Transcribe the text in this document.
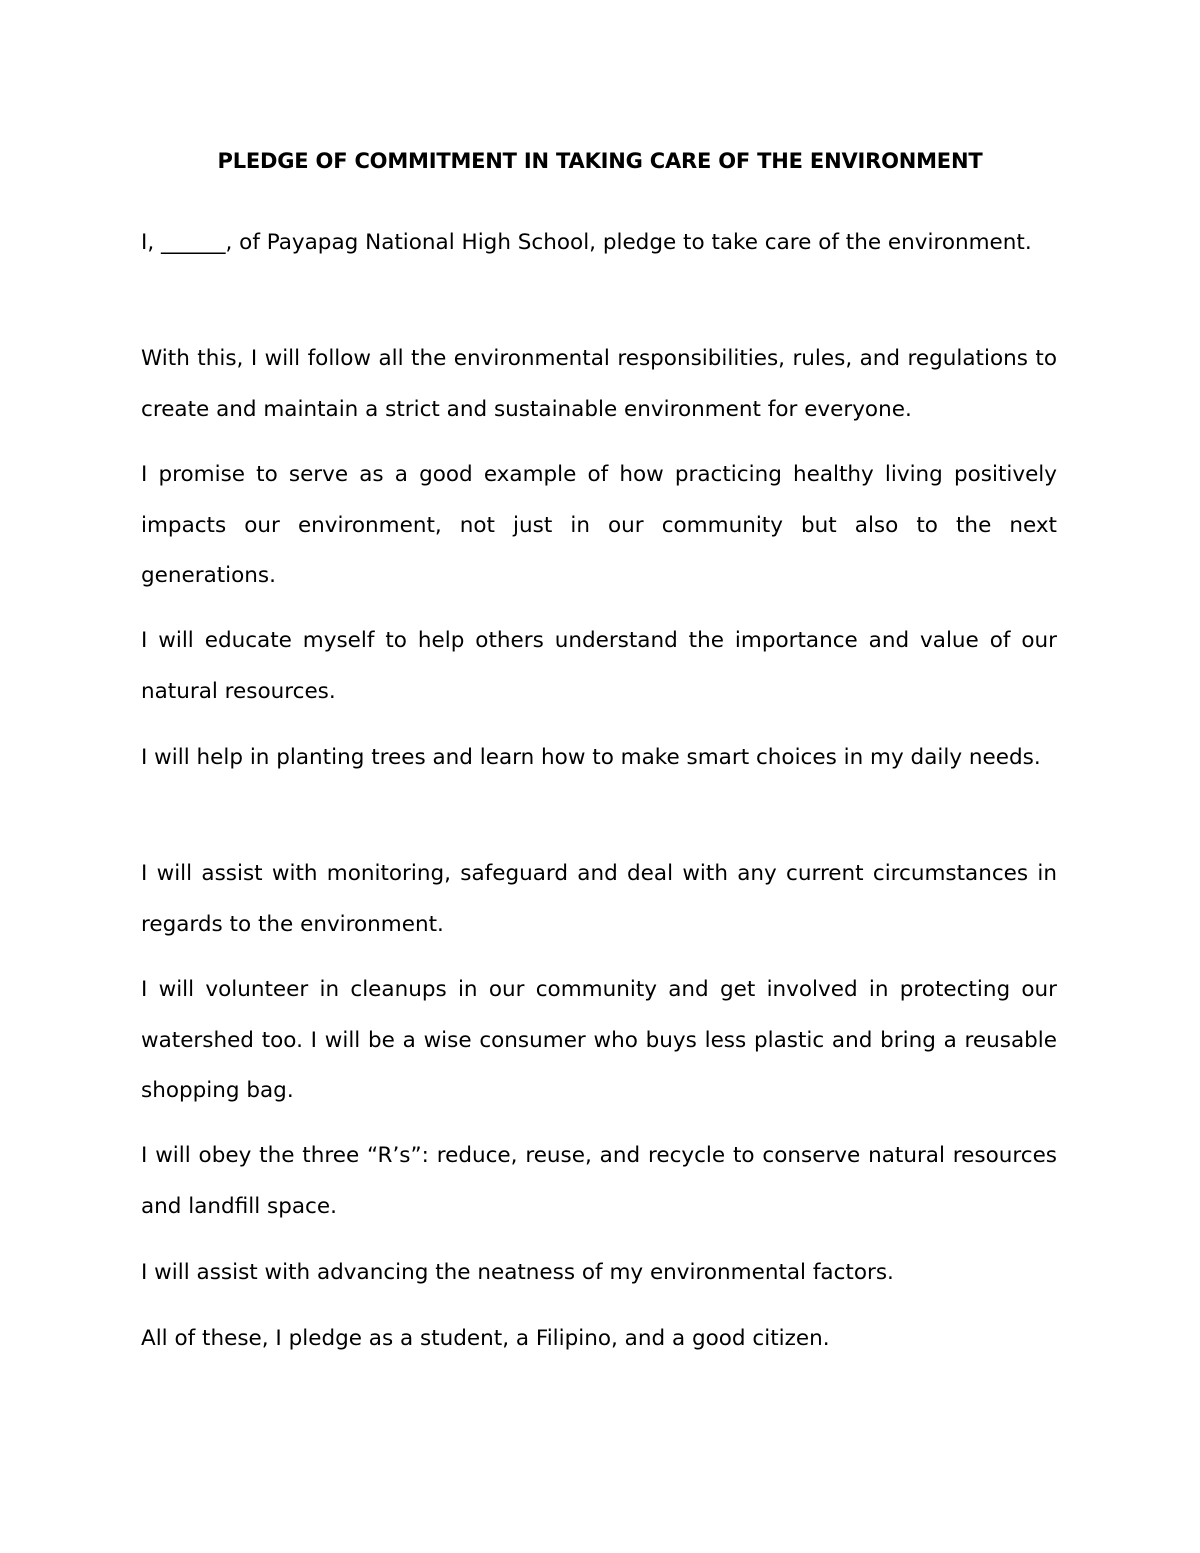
PLEDGE OF COMMITMENT IN TAKING CARE OF THE ENVIRONMENT

I, ______, of Payapag National High School, pledge to take care of the environment.

With this, I will follow all the environmental responsibilities, rules, and regulations to create and maintain a strict and sustainable environment for everyone.

I promise to serve as a good example of how practicing healthy living positively impacts our environment, not just in our community but also to the next generations.

I will educate myself to help others understand the importance and value of our natural resources.

I will help in planting trees and learn how to make smart choices in my daily needs.

I will assist with monitoring, safeguard and deal with any current circumstances in regards to the environment.

I will volunteer in cleanups in our community and get involved in protecting our watershed too. I will be a wise consumer who buys less plastic and bring a reusable shopping bag.

I will obey the three “R’s”: reduce, reuse, and recycle to conserve natural resources and landfill space.

I will assist with advancing the neatness of my environmental factors.

All of these, I pledge as a student, a Filipino, and a good citizen.
